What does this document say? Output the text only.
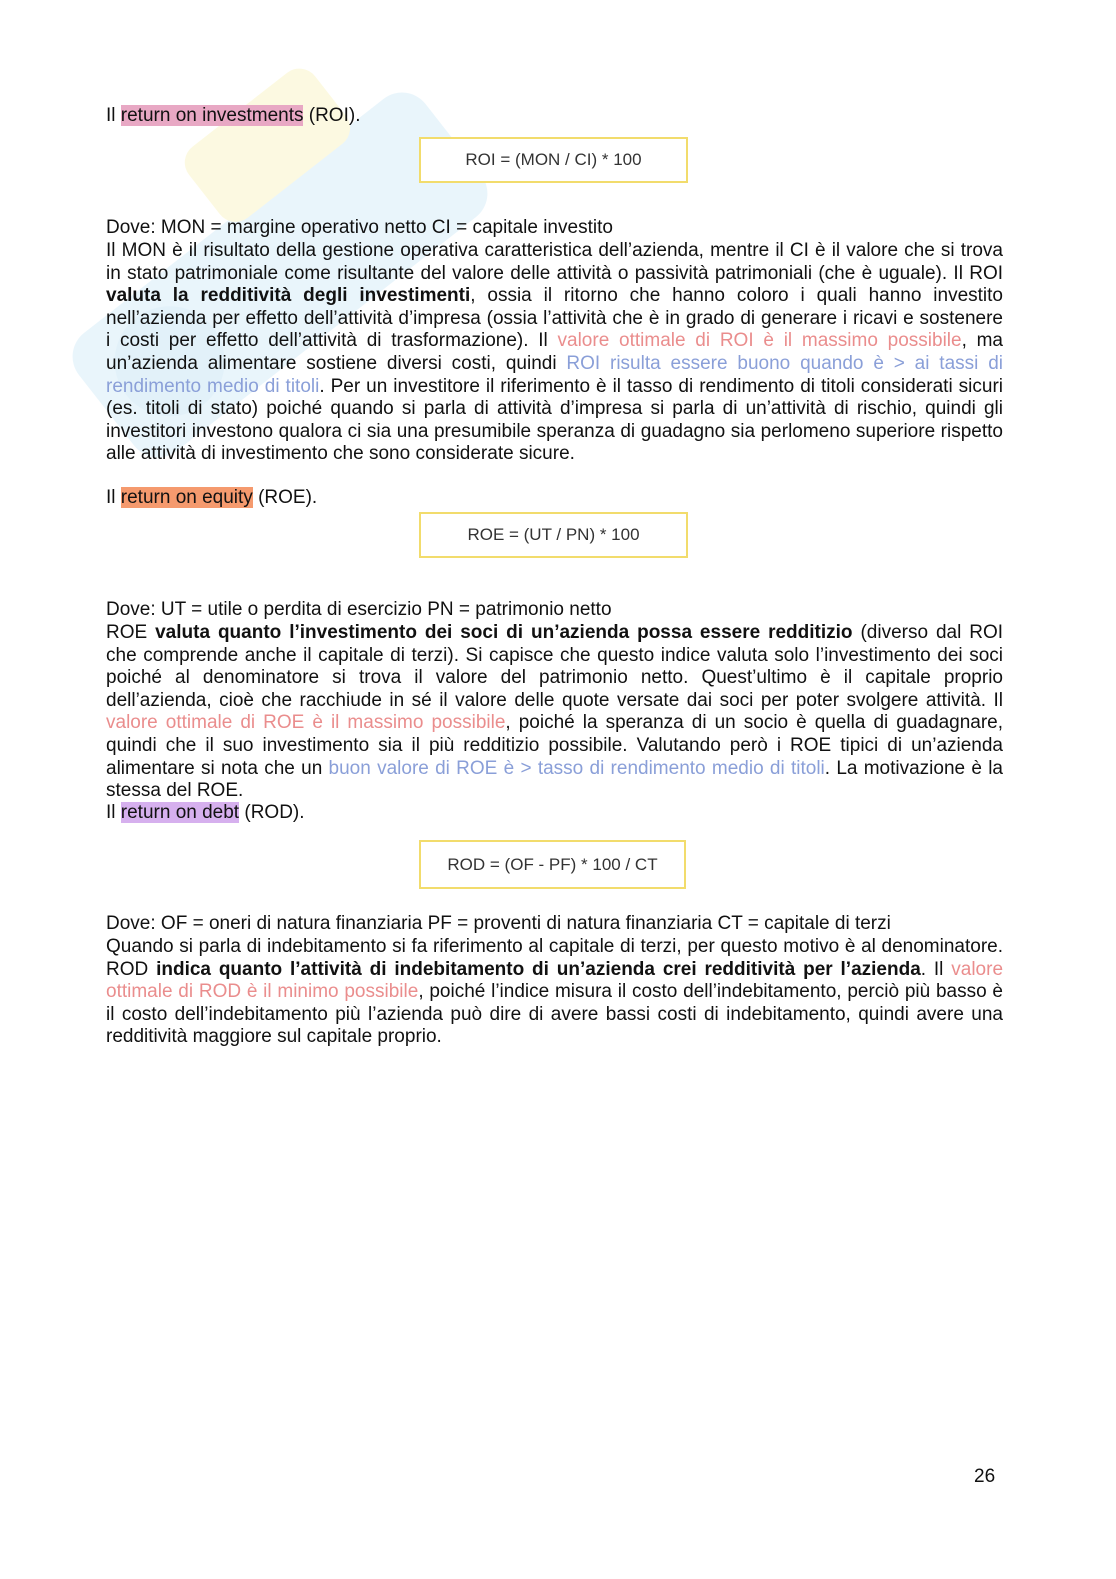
Il return on investments (ROI).
ROI = (MON / CI) * 100
Dove: MON = margine operativo netto CI = capitale investito
Il MON è il risultato della gestione operativa caratteristica dell’azienda, mentre il CI è il valore che si trova in stato patrimoniale come risultante del valore delle attività o passività patrimoniali (che è uguale). Il ROI valuta la redditività degli investimenti, ossia il ritorno che hanno coloro i quali hanno investito nell’azienda per effetto dell’attività d’impresa (ossia l’attività che è in grado di generare i ricavi e sostenere i costi per effetto dell’attività di trasformazione). Il valore ottimale di ROI è il massimo possibile, ma un’azienda alimentare sostiene diversi costi, quindi ROI risulta essere buono quando è > ai tassi di rendimento medio di titoli. Per un investitore il riferimento è il tasso di rendimento di titoli considerati sicuri (es. titoli di stato) poiché quando si parla di attività d’impresa si parla di un’attività di rischio, quindi gli investitori investono qualora ci sia una presumibile speranza di guadagno sia perlomeno superiore rispetto alle attività di investimento che sono considerate sicure.
Il return on equity (ROE).
ROE = (UT / PN) * 100
Dove: UT = utile o perdita di esercizio PN = patrimonio netto
ROE valuta quanto l’investimento dei soci di un’azienda possa essere redditizio (diverso dal ROI che comprende anche il capitale di terzi). Si capisce che questo indice valuta solo l’investimento dei soci poiché al denominatore si trova il valore del patrimonio netto. Quest’ultimo è il capitale proprio dell’azienda, cioè che racchiude in sé il valore delle quote versate dai soci per poter svolgere attività. Il valore ottimale di ROE è il massimo possibile, poiché la speranza di un socio è quella di guadagnare, quindi che il suo investimento sia il più redditizio possibile. Valutando però i ROE tipici di un’azienda alimentare si nota che un buon valore di ROE è > tasso di rendimento medio di titoli. La motivazione è la stessa del ROE.
Il return on debt (ROD).
ROD = (OF - PF) * 100 / CT
Dove: OF = oneri di natura finanziaria PF = proventi di natura finanziaria CT = capitale di terzi
Quando si parla di indebitamento si fa riferimento al capitale di terzi, per questo motivo è al denominatore. ROD indica quanto l’attività di indebitamento di un’azienda crei redditività per l’azienda. Il valore ottimale di ROD è il minimo possibile, poiché l’indice misura il costo dell’indebitamento, perciò più basso è il costo dell’indebitamento più l’azienda può dire di avere bassi costi di indebitamento, quindi avere una redditività maggiore sul capitale proprio.
26
